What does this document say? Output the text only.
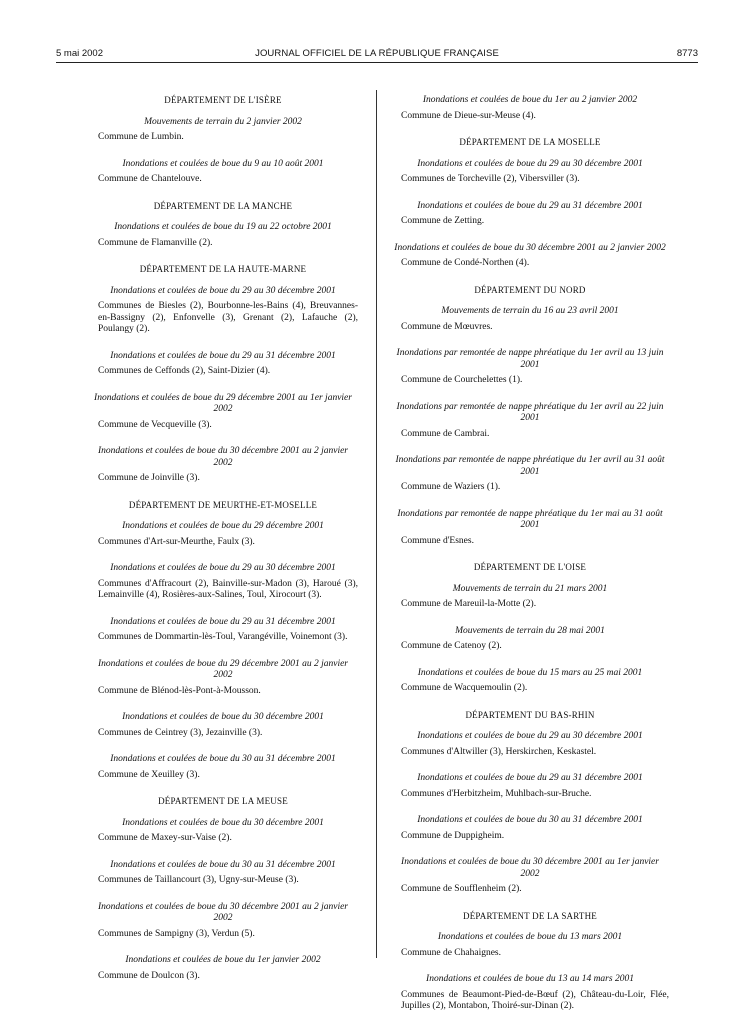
5 mai 2002	JOURNAL OFFICIEL DE LA RÉPUBLIQUE FRANÇAISE	8773
DÉPARTEMENT DE L'ISÈRE
Mouvements de terrain du 2 janvier 2002
Commune de Lumbin.
Inondations et coulées de boue du 9 au 10 août 2001
Commune de Chantelouve.
DÉPARTEMENT DE LA MANCHE
Inondations et coulées de boue du 19 au 22 octobre 2001
Commune de Flamanville (2).
DÉPARTEMENT DE LA HAUTE-MARNE
Inondations et coulées de boue du 29 au 30 décembre 2001
Communes de Biesles (2), Bourbonne-les-Bains (4), Breuvannes-en-Bassigny (2), Enfonvelle (3), Grenant (2), Lafauche (2), Poulangy (2).
Inondations et coulées de boue du 29 au 31 décembre 2001
Communes de Ceffonds (2), Saint-Dizier (4).
Inondations et coulées de boue du 29 décembre 2001 au 1er janvier 2002
Commune de Vecqueville (3).
Inondations et coulées de boue du 30 décembre 2001 au 2 janvier 2002
Commune de Joinville (3).
DÉPARTEMENT DE MEURTHE-ET-MOSELLE
Inondations et coulées de boue du 29 décembre 2001
Communes d'Art-sur-Meurthe, Faulx (3).
Inondations et coulées de boue du 29 au 30 décembre 2001
Communes d'Affracourt (2), Bainville-sur-Madon (3), Haroué (3), Lemainville (4), Rosières-aux-Salines, Toul, Xirocourt (3).
Inondations et coulées de boue du 29 au 31 décembre 2001
Communes de Dommartin-lès-Toul, Varangéville, Voinemont (3).
Inondations et coulées de boue du 29 décembre 2001 au 2 janvier 2002
Commune de Blénod-lès-Pont-à-Mousson.
Inondations et coulées de boue du 30 décembre 2001
Communes de Ceintrey (3), Jezainville (3).
Inondations et coulées de boue du 30 au 31 décembre 2001
Commune de Xeuilley (3).
DÉPARTEMENT DE LA MEUSE
Inondations et coulées de boue du 30 décembre 2001
Commune de Maxey-sur-Vaise (2).
Inondations et coulées de boue du 30 au 31 décembre 2001
Communes de Taillancourt (3), Ugny-sur-Meuse (3).
Inondations et coulées de boue du 30 décembre 2001 au 2 janvier 2002
Communes de Sampigny (3), Verdun (5).
Inondations et coulées de boue du 1er janvier 2002
Commune de Doulcon (3).
Inondations et coulées de boue du 1er au 2 janvier 2002
Commune de Dieue-sur-Meuse (4).
DÉPARTEMENT DE LA MOSELLE
Inondations et coulées de boue du 29 au 30 décembre 2001
Communes de Torcheville (2), Vibersviller (3).
Inondations et coulées de boue du 29 au 31 décembre 2001
Commune de Zetting.
Inondations et coulées de boue du 30 décembre 2001 au 2 janvier 2002
Commune de Condé-Northen (4).
DÉPARTEMENT DU NORD
Mouvements de terrain du 16 au 23 avril 2001
Commune de Mœuvres.
Inondations par remontée de nappe phréatique du 1er avril au 13 juin 2001
Commune de Courchelettes (1).
Inondations par remontée de nappe phréatique du 1er avril au 22 juin 2001
Commune de Cambrai.
Inondations par remontée de nappe phréatique du 1er avril au 31 août 2001
Commune de Waziers (1).
Inondations par remontée de nappe phréatique du 1er mai au 31 août 2001
Commune d'Esnes.
DÉPARTEMENT DE L'OISE
Mouvements de terrain du 21 mars 2001
Commune de Mareuil-la-Motte (2).
Mouvements de terrain du 28 mai 2001
Commune de Catenoy (2).
Inondations et coulées de boue du 15 mars au 25 mai 2001
Commune de Wacquemoulin (2).
DÉPARTEMENT DU BAS-RHIN
Inondations et coulées de boue du 29 au 30 décembre 2001
Communes d'Altwiller (3), Herskirchen, Keskastel.
Inondations et coulées de boue du 29 au 31 décembre 2001
Communes d'Herbitzheim, Muhlbach-sur-Bruche.
Inondations et coulées de boue du 30 au 31 décembre 2001
Commune de Duppigheim.
Inondations et coulées de boue du 30 décembre 2001 au 1er janvier 2002
Commune de Soufflenheim (2).
DÉPARTEMENT DE LA SARTHE
Inondations et coulées de boue du 13 mars 2001
Commune de Chahaignes.
Inondations et coulées de boue du 13 au 14 mars 2001
Communes de Beaumont-Pied-de-Bœuf (2), Château-du-Loir, Flée, Jupilles (2), Montabon, Thoiré-sur-Dinan (2).
